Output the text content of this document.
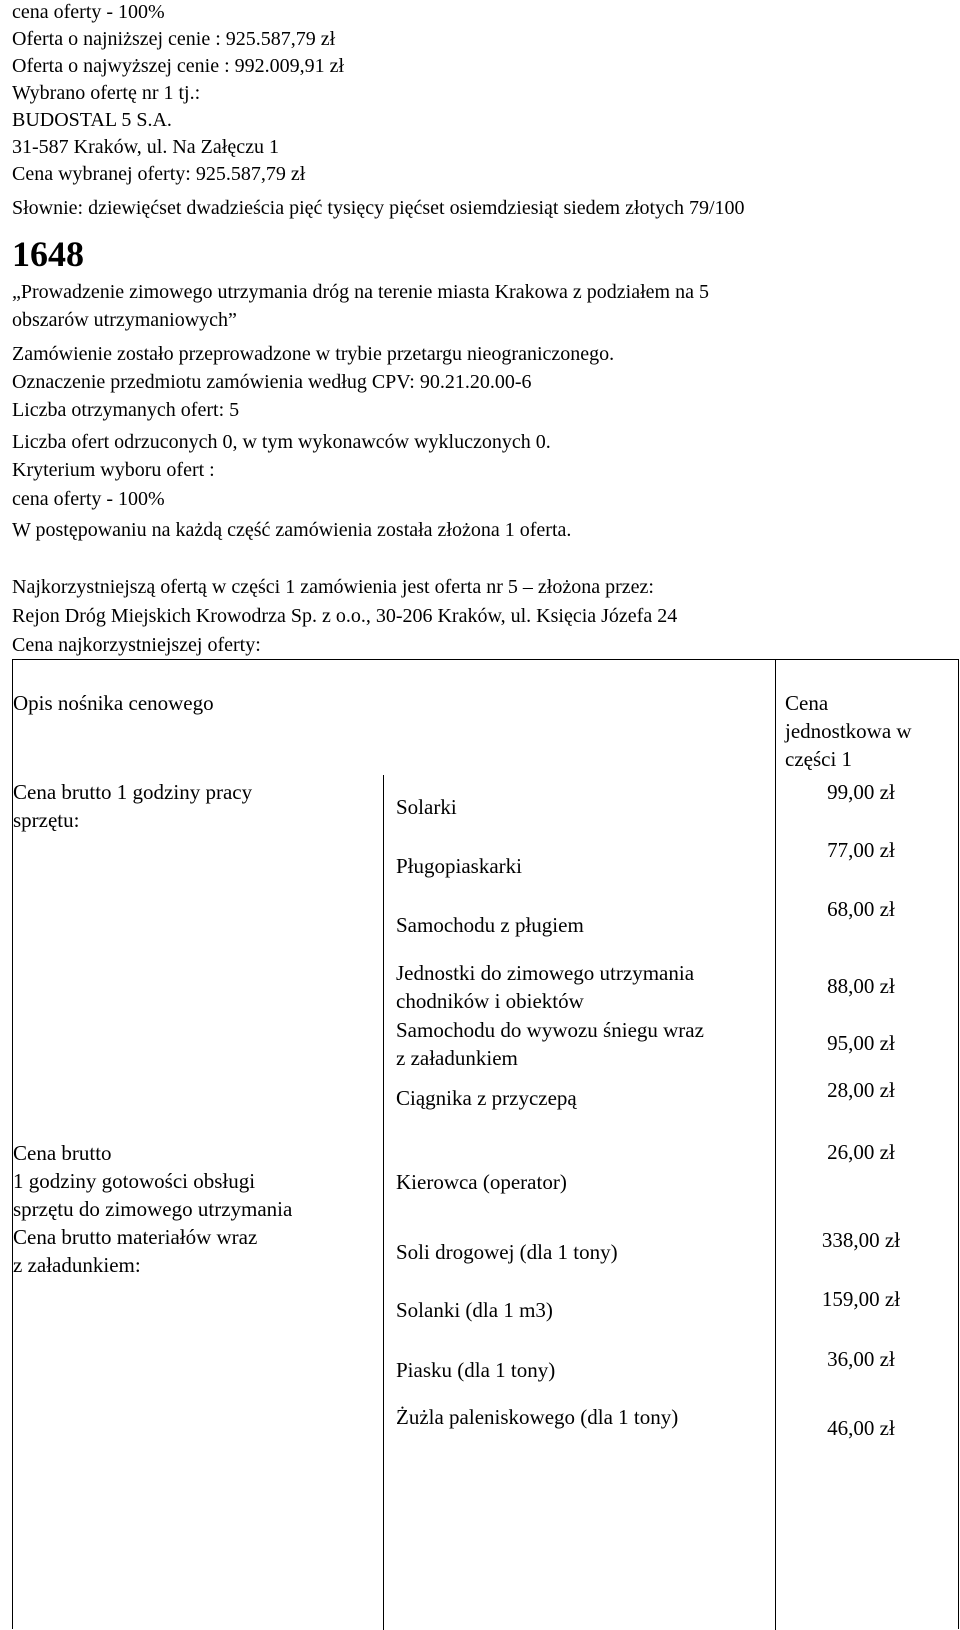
cena oferty - 100%
Oferta o najniższej cenie : 925.587,79 zł
Oferta o najwyższej cenie : 992.009,91 zł
Wybrano ofertę nr 1 tj.:
BUDOSTAL 5 S.A.
31-587 Kraków, ul. Na Załęczu 1
Cena wybranej oferty: 925.587,79 zł
Słownie: dziewięćset dwadzieścia pięć tysięcy pięćset osiemdziesiąt siedem złotych 79/100
1648
„Prowadzenie zimowego utrzymania dróg na terenie miasta Krakowa z podziałem na 5
obszarów utrzymaniowych”
Zamówienie zostało przeprowadzone w trybie przetargu nieograniczonego.
Oznaczenie przedmiotu zamówienia według CPV: 90.21.20.00-6
Liczba otrzymanych ofert: 5
Liczba ofert odrzuconych 0, w tym wykonawców wykluczonych 0.
Kryterium wyboru ofert :
cena oferty - 100%
W postępowaniu na każdą część zamówienia została złożona 1 oferta.
Najkorzystniejszą ofertą w części 1 zamówienia jest oferta nr 5 – złożona przez:
Rejon Dróg Miejskich Krowodrza Sp. z o.o., 30-206 Kraków, ul. Księcia Józefa 24
Cena najkorzystniejszej oferty:
Opis nośnika cenowego	Cena
jednostkowa w
części 1
Cena brutto 1 godziny pracy
sprzętu:
Cena brutto
1 godziny gotowości obsługi
sprzętu do zimowego utrzymania
Cena brutto materiałów wraz
z załadunkiem:
Solarki
Pługopiaskarki
Samochodu z pługiem
Jednostki do zimowego utrzymania
chodników i obiektów
Samochodu do wywozu śniegu wraz
z załadunkiem
Ciągnika z przyczepą
Kierowca (operator)
Soli drogowej (dla 1 tony)
Solanki (dla 1 m3)
Piasku (dla 1 tony)
Żużla paleniskowego (dla 1 tony)
99,00 zł
77,00 zł
68,00 zł
88,00 zł
95,00 zł
28,00 zł
26,00 zł
338,00 zł
159,00 zł
36,00 zł
46,00 zł
